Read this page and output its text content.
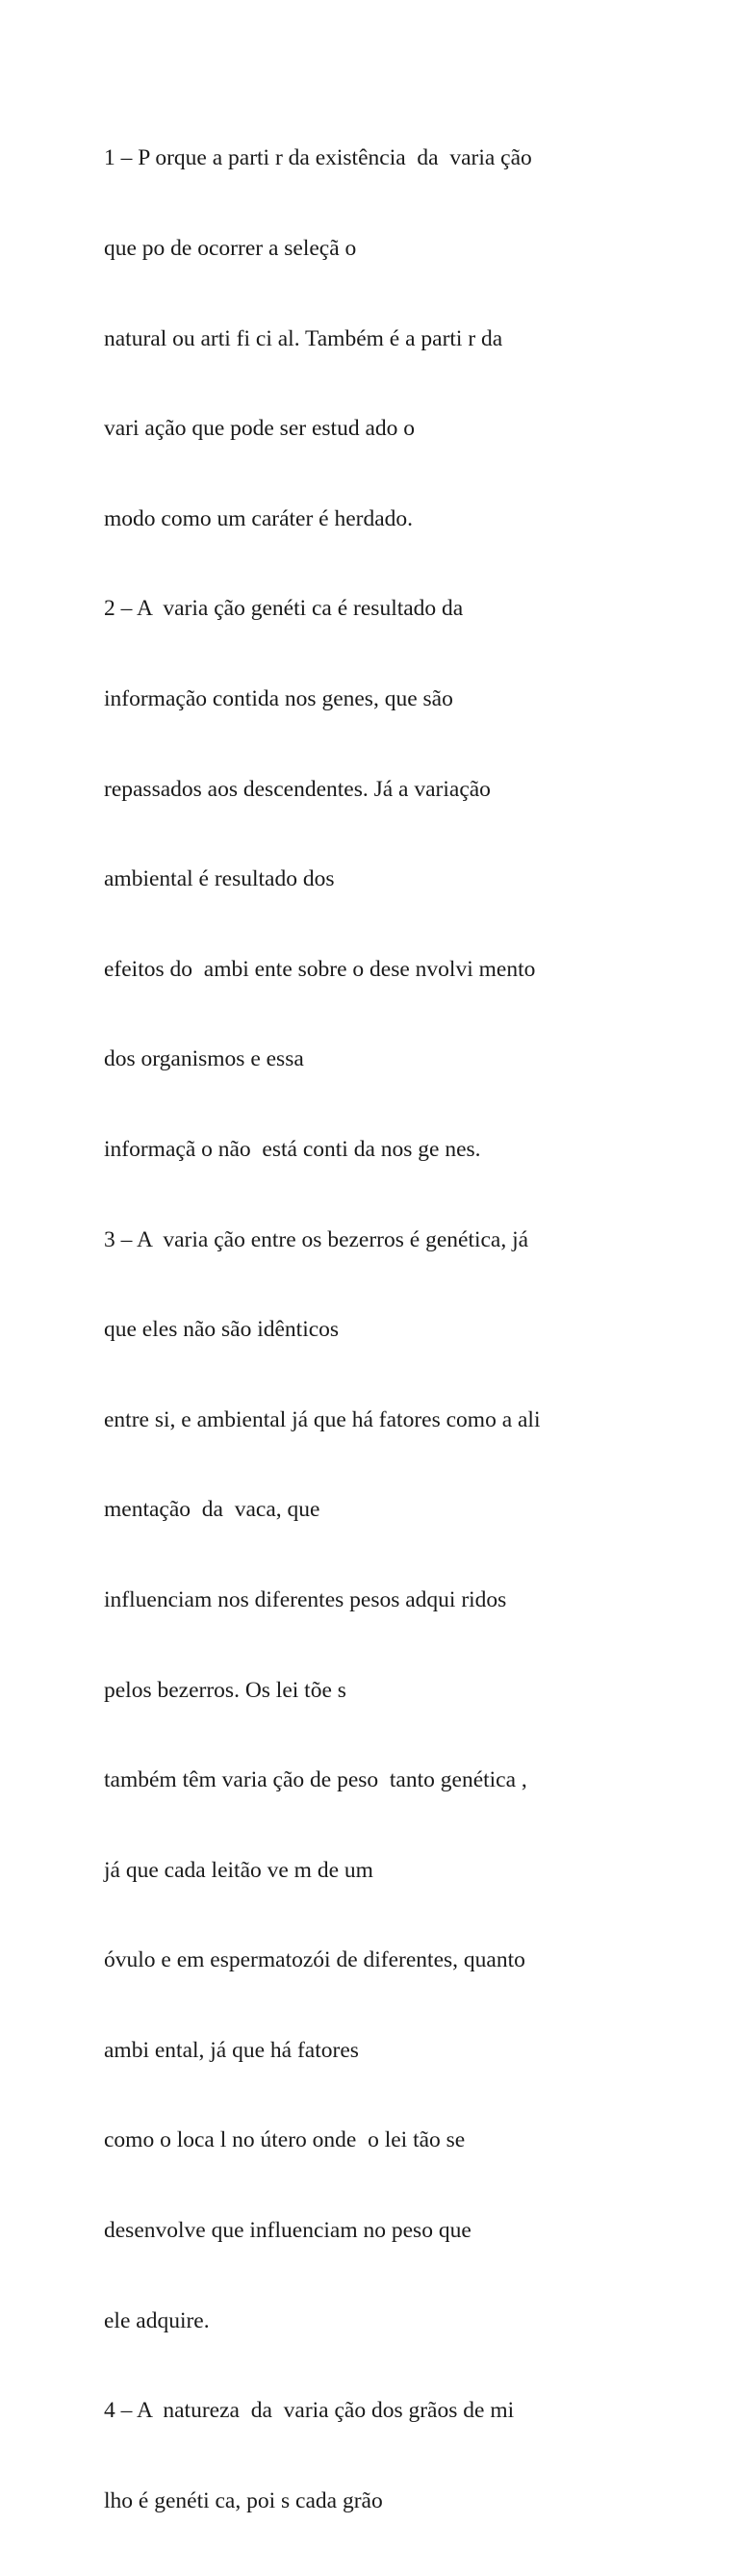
1 – P orque a parti r da existência  da  varia ção

que po de ocorrer a seleçã o

natural ou arti fi ci al. Também é a parti r da

vari ação que pode ser estud ado o

modo como um caráter é herdado.

2 – A  varia ção genéti ca é resultado da

informação contida nos genes, que são

repassados aos descendentes. Já a variação

ambiental é resultado dos

efeitos do  ambi ente sobre o dese nvolvi mento

dos organismos e essa

informaçã o não  está conti da nos ge nes.

3 – A  varia ção entre os bezerros é genética, já

que eles não são idênticos

entre si, e ambiental já que há fatores como a ali

mentação  da  vaca, que

influenciam nos diferentes pesos adqui ridos

pelos bezerros. Os lei tõe s

também têm varia ção de peso  tanto genética ,

já que cada leitão ve m de um

óvulo e em espermatozói de diferentes, quanto

ambi ental, já que há fatores

como o loca l no útero onde  o lei tão se

desenvolve que influenciam no peso que

ele adquire.

4 – A  natureza  da  varia ção dos grãos de mi

lho é genéti ca, poi s cada grão
